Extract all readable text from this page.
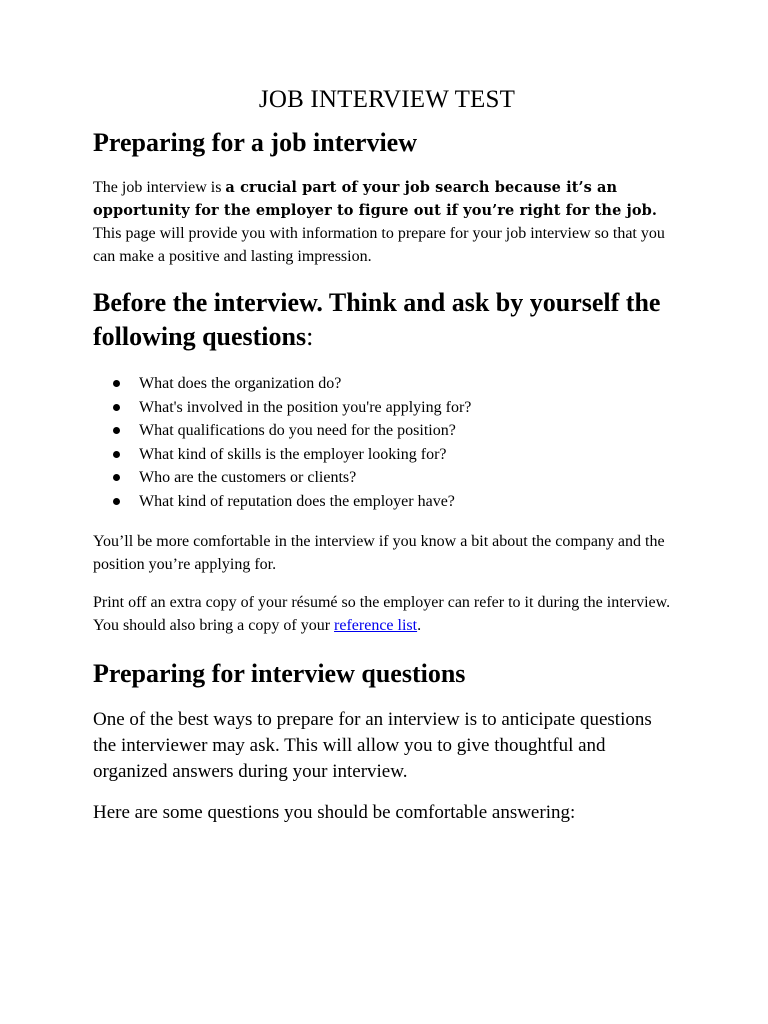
JOB INTERVIEW TEST
Preparing for a job interview

The job interview is a crucial part of your job search because it’s an opportunity for the employer to figure out if you’re right for the job. This page will provide you with information to prepare for your job interview so that you can make a positive and lasting impression.

Before the interview. Think and ask by yourself the following questions:
What does the organization do?
What's involved in the position you're applying for?
What qualifications do you need for the position?
What kind of skills is the employer looking for?
Who are the customers or clients?
What kind of reputation does the employer have?

You’ll be more comfortable in the interview if you know a bit about the company and the position you’re applying for.

Print off an extra copy of your résumé so the employer can refer to it during the interview. You should also bring a copy of your reference list.

Preparing for interview questions

One of the best ways to prepare for an interview is to anticipate questions the interviewer may ask. This will allow you to give thoughtful and organized answers during your interview.

Here are some questions you should be comfortable answering:
